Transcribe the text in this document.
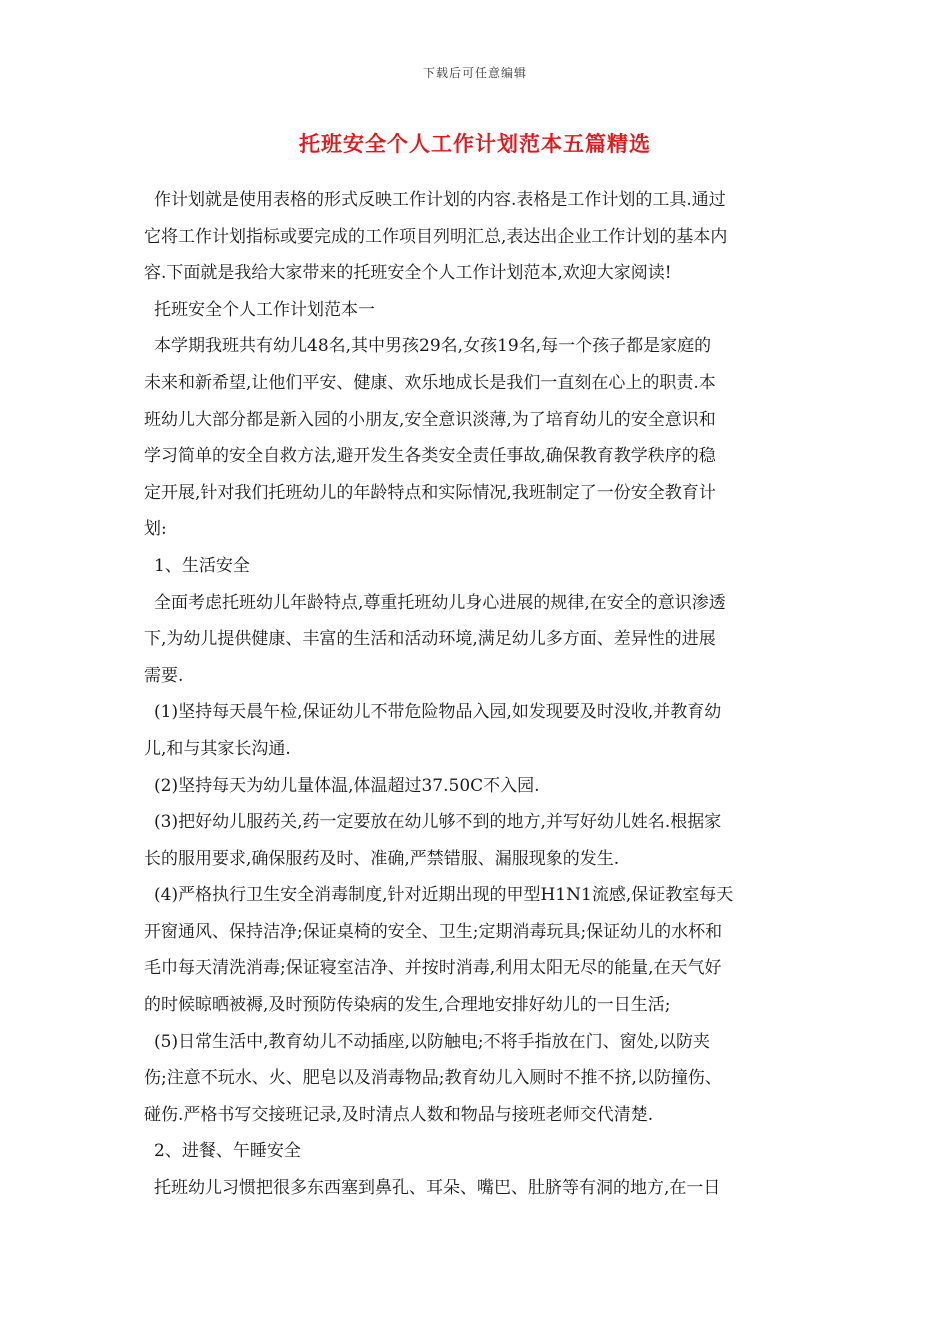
下载后可任意编辑
托班安全个人工作计划范本五篇精选
作计划就是使用表格的形式反映工作计划的内容.表格是工作计划的工具.通过
它将工作计划指标或要完成的工作项目列明汇总,表达出企业工作计划的基本内
容.下面就是我给大家带来的托班安全个人工作计划范本,欢迎大家阅读!
托班安全个人工作计划范本一
本学期我班共有幼儿48名,其中男孩29名,女孩19名,每一个孩子都是家庭的
未来和新希望,让他们平安、健康、欢乐地成长是我们一直刻在心上的职责.本
班幼儿大部分都是新入园的小朋友,安全意识淡薄,为了培育幼儿的安全意识和
学习简单的安全自救方法,避开发生各类安全责任事故,确保教育教学秩序的稳
定开展,针对我们托班幼儿的年龄特点和实际情况,我班制定了一份安全教育计
划:
1、生活安全
全面考虑托班幼儿年龄特点,尊重托班幼儿身心进展的规律,在安全的意识渗透
下,为幼儿提供健康、丰富的生活和活动环境,满足幼儿多方面、差异性的进展
需要.
(1)坚持每天晨午检,保证幼儿不带危险物品入园,如发现要及时没收,并教育幼
儿,和与其家长沟通.
(2)坚持每天为幼儿量体温,体温超过37.50C不入园.
(3)把好幼儿服药关,药一定要放在幼儿够不到的地方,并写好幼儿姓名.根据家
长的服用要求,确保服药及时、准确,严禁错服、漏服现象的发生.
(4)严格执行卫生安全消毒制度,针对近期出现的甲型H1N1流感,保证教室每天
开窗通风、保持洁净;保证桌椅的安全、卫生;定期消毒玩具;保证幼儿的水杯和
毛巾每天清洗消毒;保证寝室洁净、并按时消毒,利用太阳无尽的能量,在天气好
的时候晾晒被褥,及时预防传染病的发生,合理地安排好幼儿的一日生活;
(5)日常生活中,教育幼儿不动插座,以防触电;不将手指放在门、窗处,以防夹
伤;注意不玩水、火、肥皂以及消毒物品;教育幼儿入厕时不推不挤,以防撞伤、
碰伤.严格书写交接班记录,及时清点人数和物品与接班老师交代清楚.
2、进餐、午睡安全
托班幼儿习惯把很多东西塞到鼻孔、耳朵、嘴巴、肚脐等有洞的地方,在一日
